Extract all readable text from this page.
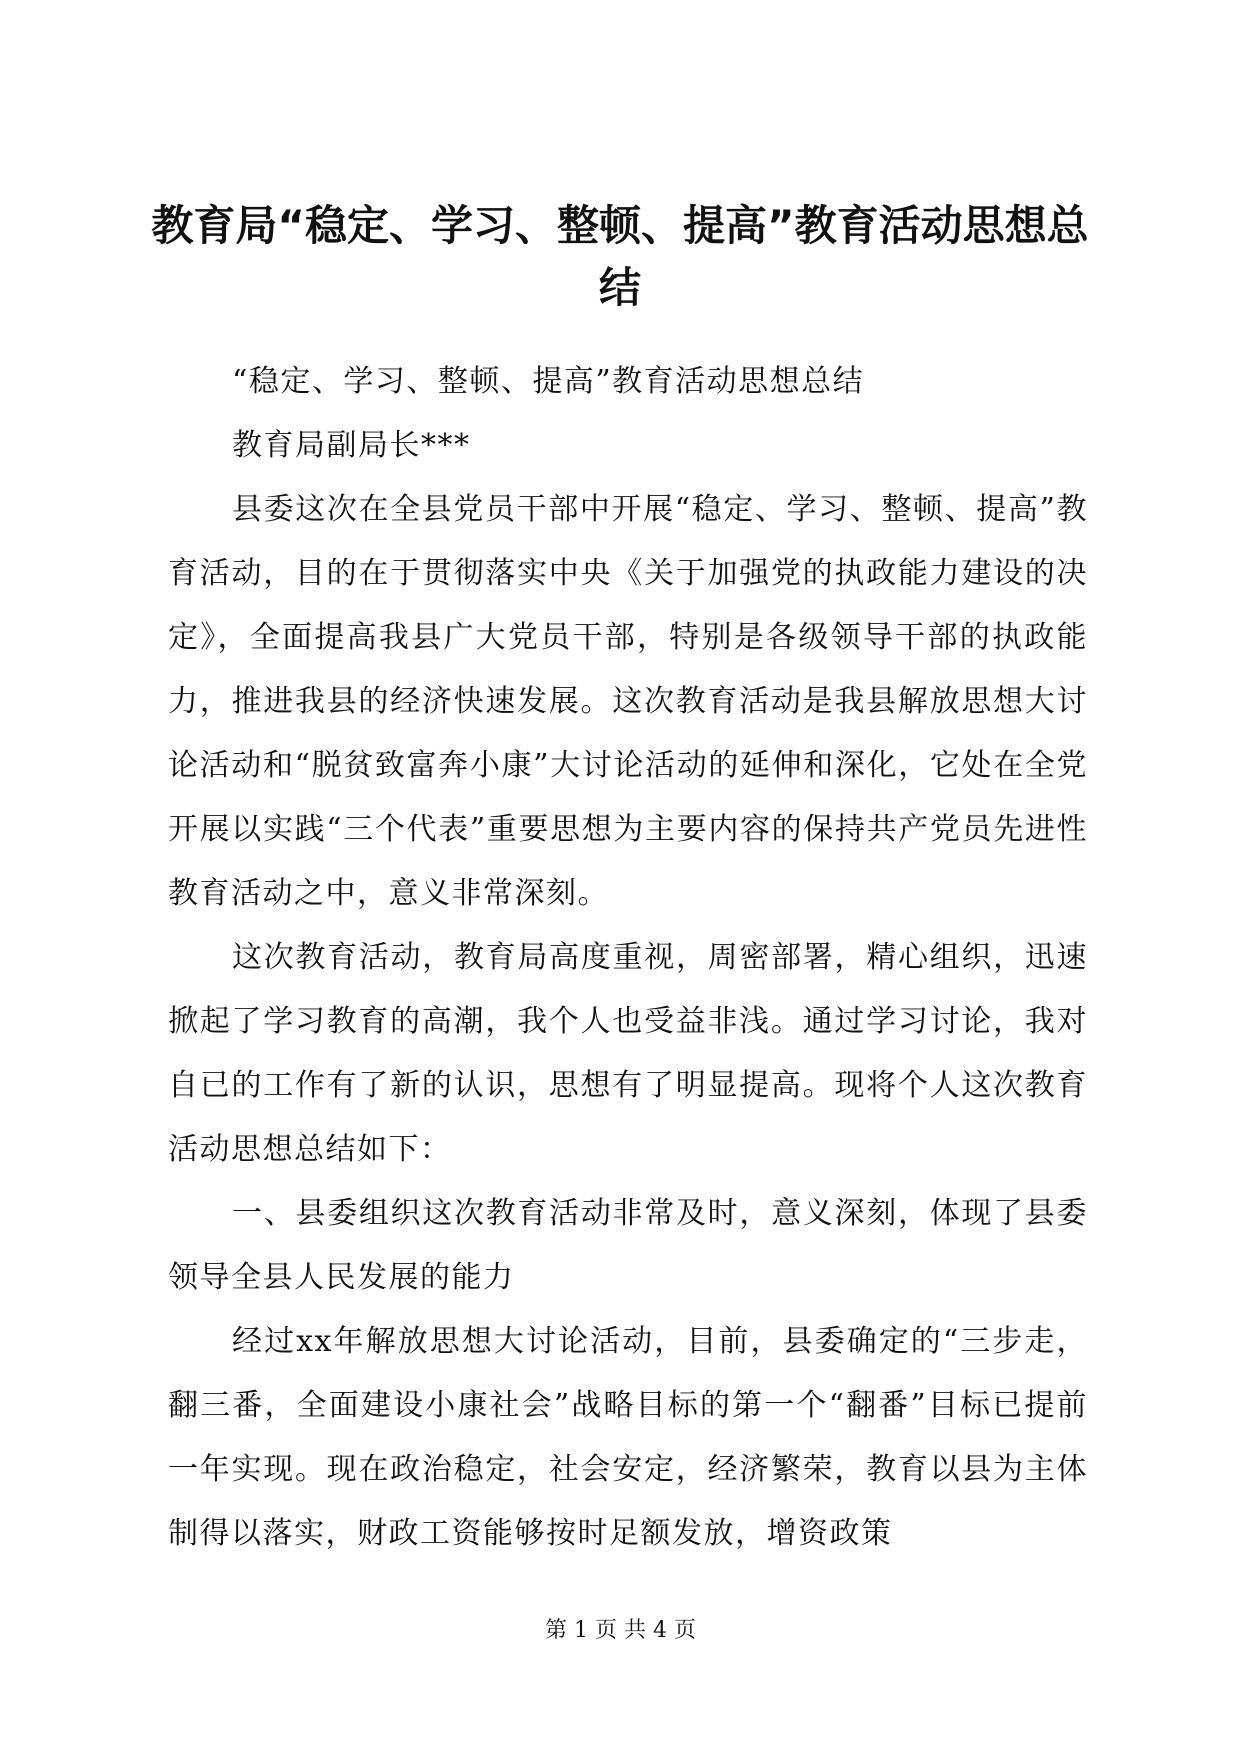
教育局“稳定、学习、整顿、提高”教育活动思想总结

“稳定、学习、整顿、提高”教育活动思想总结

教育局副局长***

县委这次在全县党员干部中开展“稳定、学习、整顿、提高”教育活动，目的在于贯彻落实中央《关于加强党的执政能力建设的决定》，全面提高我县广大党员干部，特别是各级领导干部的执政能力，推进我县的经济快速发展。这次教育活动是我县解放思想大讨论活动和“脱贫致富奔小康”大讨论活动的延伸和深化，它处在全党开展以实践“三个代表”重要思想为主要内容的保持共产党员先进性教育活动之中，意义非常深刻。

这次教育活动，教育局高度重视，周密部署，精心组织，迅速掀起了学习教育的高潮，我个人也受益非浅。通过学习讨论，我对自已的工作有了新的认识，思想有了明显提高。现将个人这次教育活动思想总结如下：

一、县委组织这次教育活动非常及时，意义深刻，体现了县委领导全县人民发展的能力

经过xx年解放思想大讨论活动，目前，县委确定的“三步走，翻三番，全面建设小康社会”战略目标的第一个“翻番”目标已提前一年实现。现在政治稳定，社会安定，经济繁荣，教育以县为主体制得以落实，财政工资能够按时足额发放，增资政策

第 1 页 共 4 页
